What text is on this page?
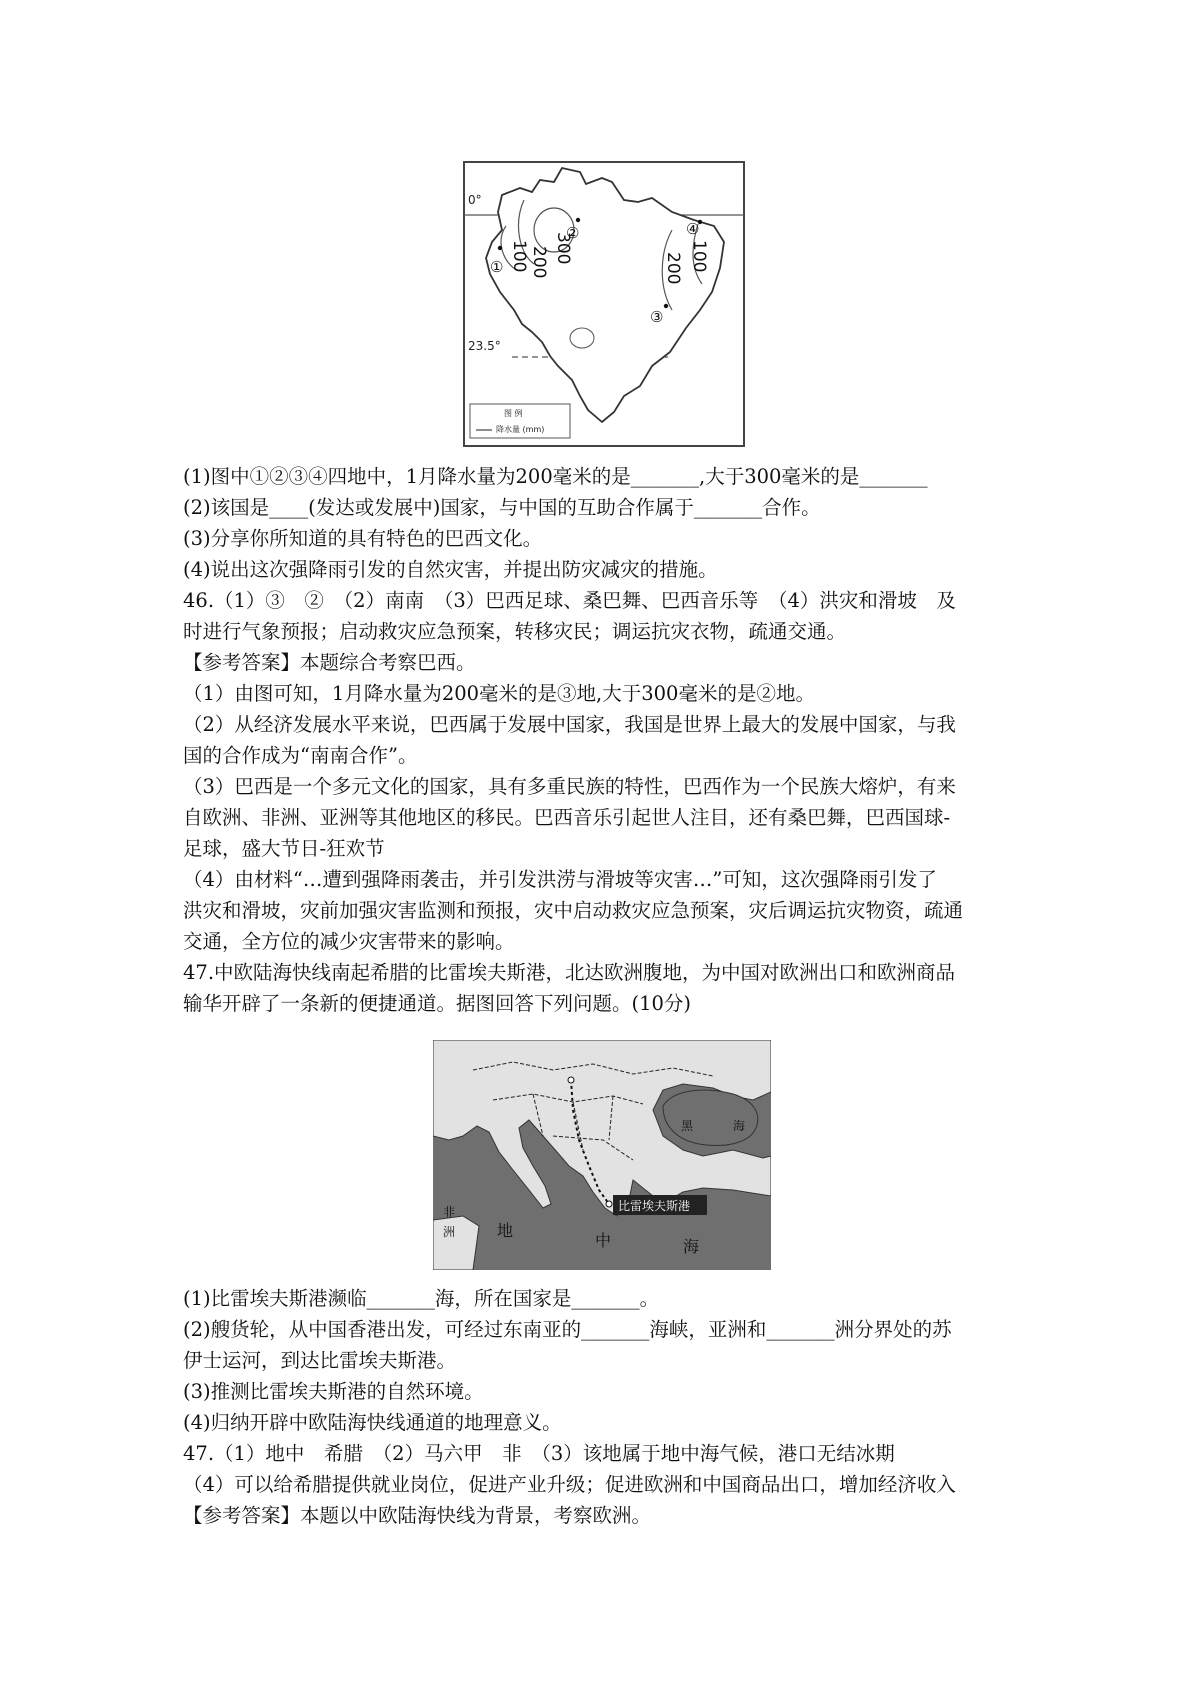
0°
23.5°
100 200 300
200 100
①
②
③
④
图 例
降水量 (mm)

(1)图中①②③④四地中，1月降水量为200毫米的是_______,大于300毫米的是_______

(2)该国是____(发达或发展中)国家，与中国的互助合作属于_______合作。

(3)分享你所知道的具有特色的巴西文化。

(4)说出这次强降雨引发的自然灾害，并提出防灾减灾的措施。

46.（1）③　②　（2）南南　（3）巴西足球、桑巴舞、巴西音乐等　（4）洪灾和滑坡　及

时进行气象预报；启动救灾应急预案，转移灾民；调运抗灾衣物，疏通交通。

【参考答案】本题综合考察巴西。

（1）由图可知，1月降水量为200毫米的是③地,大于300毫米的是②地。

（2）从经济发展水平来说，巴西属于发展中国家，我国是世界上最大的发展中国家，与我

国的合作成为“南南合作”。

（3）巴西是一个多元文化的国家，具有多重民族的特性，巴西作为一个民族大熔炉，有来

自欧洲、非洲、亚洲等其他地区的移民。巴西音乐引起世人注目，还有桑巴舞，巴西国球-

足球，盛大节日-狂欢节

（4）由材料“…遭到强降雨袭击，并引发洪涝与滑坡等灾害…”可知，这次强降雨引发了

洪灾和滑坡，灾前加强灾害监测和预报，灾中启动救灾应急预案，灾后调运抗灾物资，疏通

交通，全方位的减少灾害带来的影响。

47.中欧陆海快线南起希腊的比雷埃夫斯港，北达欧洲腹地，为中国对欧洲出口和欧洲商品

输华开辟了一条新的便捷通道。据图回答下列问题。(10分)

比雷埃夫斯港
黑	海
非
洲	地
中	海

(1)比雷埃夫斯港濒临_______海，所在国家是_______。

(2)艘货轮，从中国香港出发，可经过东南亚的_______海峡，亚洲和_______洲分界处的苏

伊士运河，到达比雷埃夫斯港。

(3)推测比雷埃夫斯港的自然环境。

(4)归纳开辟中欧陆海快线通道的地理意义。

47.（1）地中　希腊　（2）马六甲　非　（3）该地属于地中海气候，港口无结冰期

（4）可以给希腊提供就业岗位，促进产业升级；促进欧洲和中国商品出口，增加经济收入

【参考答案】本题以中欧陆海快线为背景，考察欧洲。
